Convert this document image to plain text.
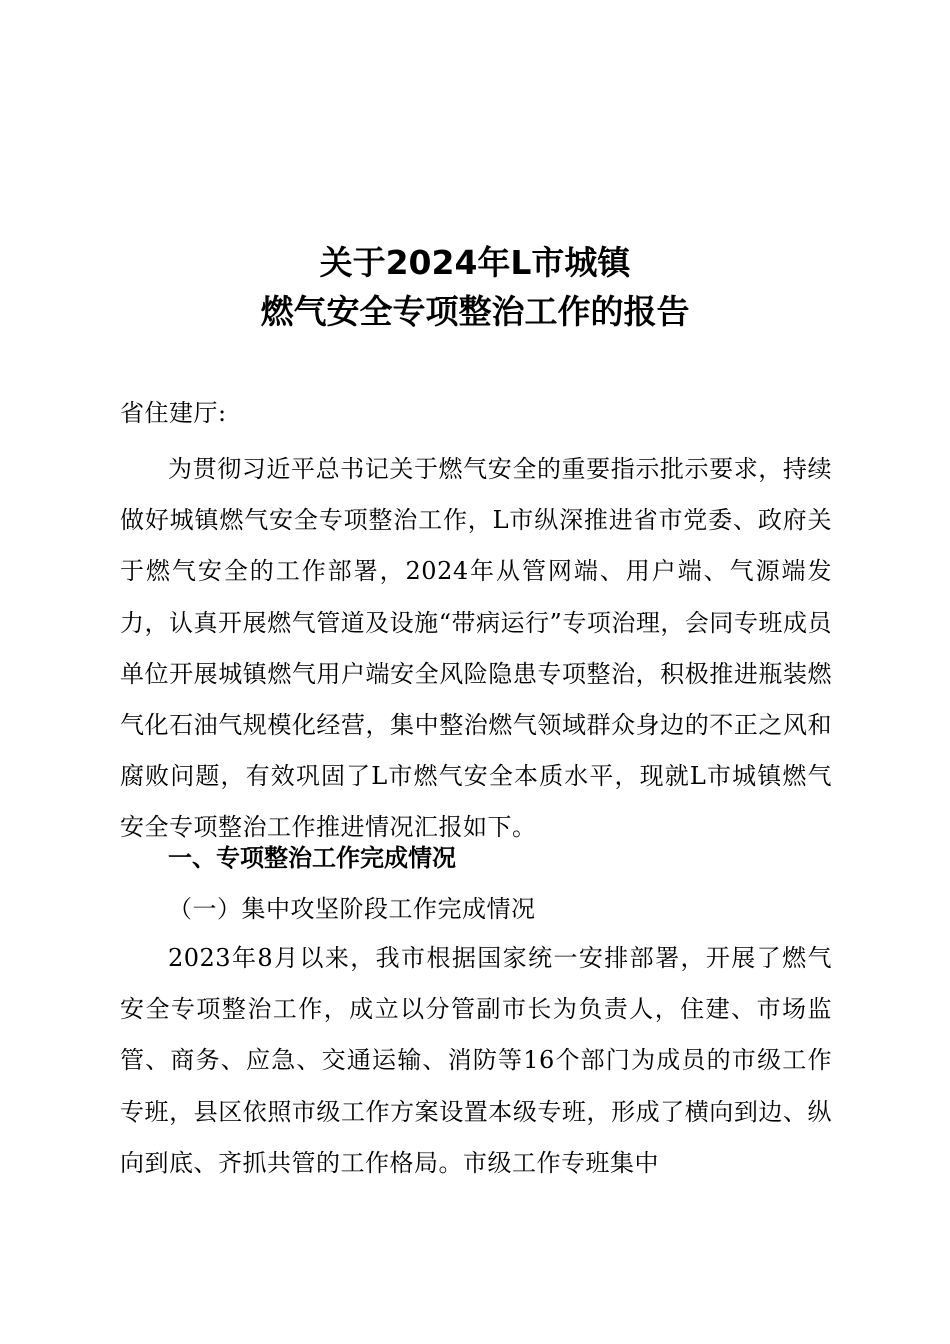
关于2024年L市城镇
燃气安全专项整治工作的报告
省住建厅:
为贯彻习近平总书记关于燃气安全的重要指示批示要求，持续做好城镇燃气安全专项整治工作，L市纵深推进省市党委、政府关于燃气安全的工作部署，2024年从管网端、用户端、气源端发力，认真开展燃气管道及设施“带病运行”专项治理，会同专班成员单位开展城镇燃气用户端安全风险隐患专项整治，积极推进瓶装燃气化石油气规模化经营，集中整治燃气领域群众身边的不正之风和腐败问题，有效巩固了L市燃气安全本质水平，现就L市城镇燃气安全专项整治工作推进情况汇报如下。
一、专项整治工作完成情况
（一）集中攻坚阶段工作完成情况
2023年8月以来，我市根据国家统一安排部署，开展了燃气安全专项整治工作，成立以分管副市长为负责人，住建、市场监管、商务、应急、交通运输、消防等16个部门为成员的市级工作专班，县区依照市级工作方案设置本级专班，形成了横向到边、纵向到底、齐抓共管的工作格局。市级工作专班集中
